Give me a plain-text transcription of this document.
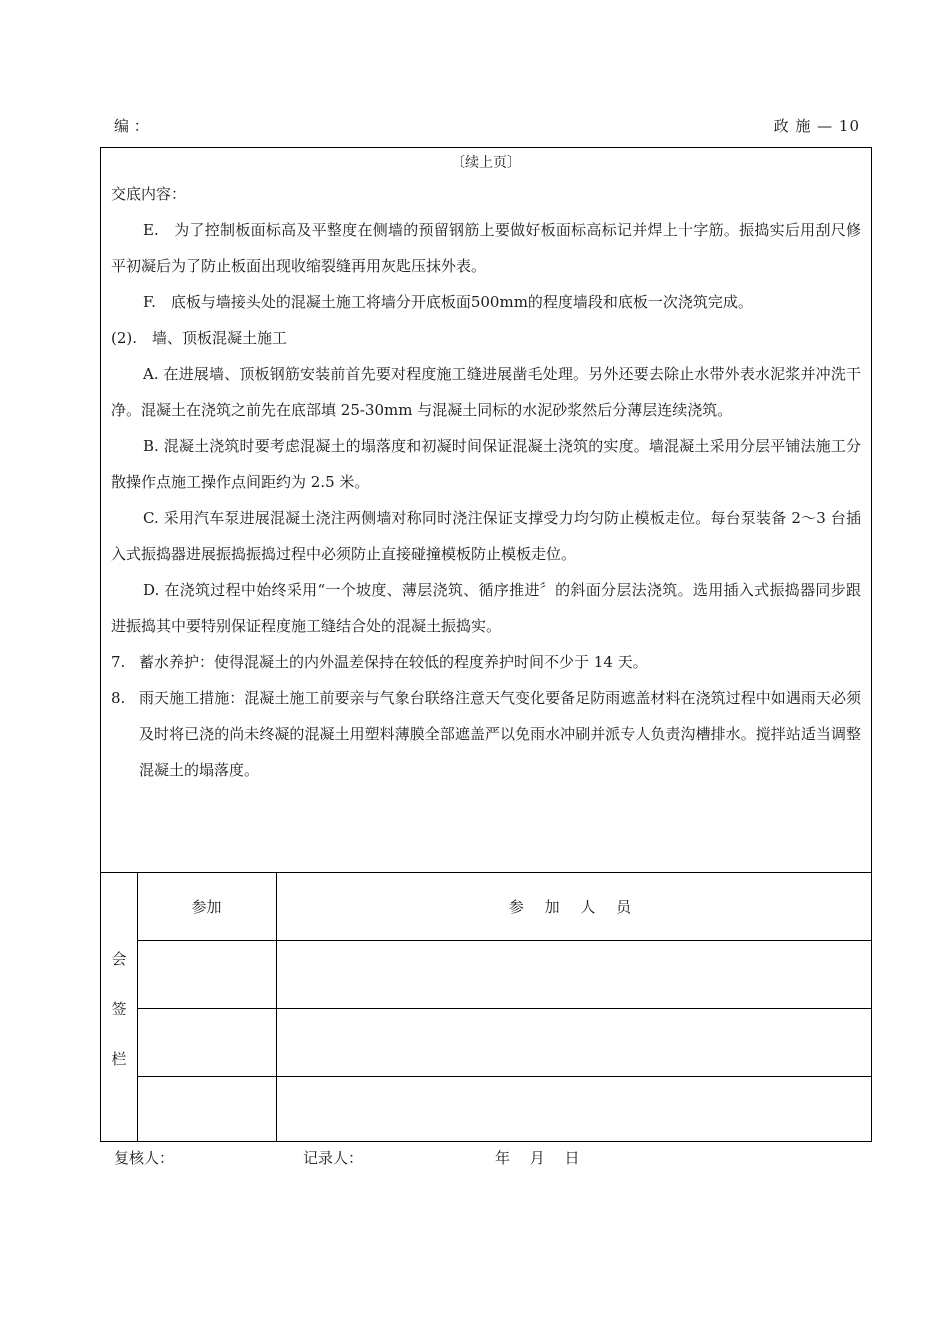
编 ：	政 施 — 10
〔续上页〕

交底内容：

E.　为了控制板面标高及平整度在侧墙的预留钢筋上要做好板面标高标记并焊上十字筋。振捣实后用刮尺修平初凝后为了防止板面出现收缩裂缝再用灰匙压抹外表。

F.　底板与墙接头处的混凝土施工将墙分开底板面500mm的程度墙段和底板一次浇筑完成。

(2).　墙、顶板混凝土施工

A. 在进展墙、顶板钢筋安装前首先要对程度施工缝进展凿毛处理。另外还要去除止水带外表水泥浆并冲洗干净。混凝土在浇筑之前先在底部填 25-30mm 与混凝土同标的水泥砂浆然后分薄层连续浇筑。

B. 混凝土浇筑时要考虑混凝土的塌落度和初凝时间保证混凝土浇筑的实度。墙混凝土采用分层平铺法施工分散操作点施工操作点间距约为 2.5 米。

C. 采用汽车泵进展混凝土浇注两侧墙对称同时浇注保证支撑受力均匀防止模板走位。每台泵装备 2～3 台插入式振捣器进展振捣振捣过程中必须防止直接碰撞模板防止模板走位。

D. 在浇筑过程中始终采用“一个坡度、薄层浇筑、循序推进〞的斜面分层法浇筑。选用插入式振捣器同步跟进振捣其中要特别保证程度施工缝结合处的混凝土振捣实。

7. 蓄水养护：使得混凝土的内外温差保持在较低的程度养护时间不少于 14 天。
8. 雨天施工措施：混凝土施工前要亲与气象台联络注意天气变化要备足防雨遮盖材料在浇筑过程中如遇雨天必须及时将已浇的尚未终凝的混凝土用塑料薄膜全部遮盖严以免雨水冲刷并派专人负责沟槽排水。搅拌站适当调整混凝土的塌落度。
会
签
栏
参加	参 加 人 员
复核人：	记录人：	年　 月　 日
